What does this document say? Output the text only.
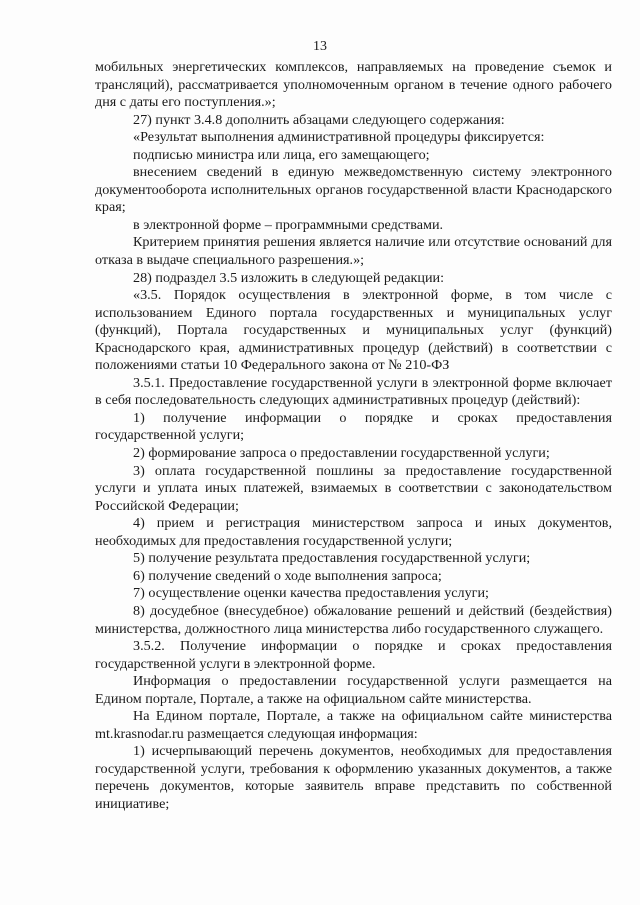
13

мобильных энергетических комплексов, направляемых на проведение съемок и трансляций), рассматривается уполномоченным органом в течение одного рабочего дня с даты его поступления.»;

27) пункт 3.4.8 дополнить абзацами следующего содержания:

«Результат выполнения административной процедуры фиксируется:

подписью министра или лица, его замещающего;

внесением сведений в единую межведомственную систему электронного документооборота исполнительных органов государственной власти Краснодарского края;

в электронной форме – программными средствами.

Критерием принятия решения является наличие или отсутствие оснований для отказа в выдаче специального разрешения.»;

28) подраздел 3.5 изложить в следующей редакции:

«3.5. Порядок осуществления в электронной форме, в том числе с использованием Единого портала государственных и муниципальных услуг (функций), Портала государственных и муниципальных услуг (функций) Краснодарского края, административных процедур (действий) в соответствии с положениями статьи 10 Федерального закона от № 210-ФЗ

3.5.1. Предоставление государственной услуги в электронной форме включает в себя последовательность следующих административных процедур (действий):

1) получение информации о порядке и сроках предоставления государственной услуги;

2) формирование запроса о предоставлении государственной услуги;

3) оплата государственной пошлины за предоставление государственной услуги и уплата иных платежей, взимаемых в соответствии с законодательством Российской Федерации;

4) прием и регистрация министерством запроса и иных документов, необходимых для предоставления государственной услуги;

5) получение результата предоставления государственной услуги;

6) получение сведений о ходе выполнения запроса;

7) осуществление оценки качества предоставления услуги;

8) досудебное (внесудебное) обжалование решений и действий (бездействия) министерства, должностного лица министерства либо государственного служащего.

3.5.2. Получение информации о порядке и сроках предоставления государственной услуги в электронной форме.

Информация о предоставлении государственной услуги размещается на Едином портале, Портале, а также на официальном сайте министерства.

На Едином портале, Портале, а также на официальном сайте министерства mt.krasnodar.ru размещается следующая информация:

1) исчерпывающий перечень документов, необходимых для предоставления государственной услуги, требования к оформлению указанных документов, а также перечень документов, которые заявитель вправе представить по собственной инициативе;
